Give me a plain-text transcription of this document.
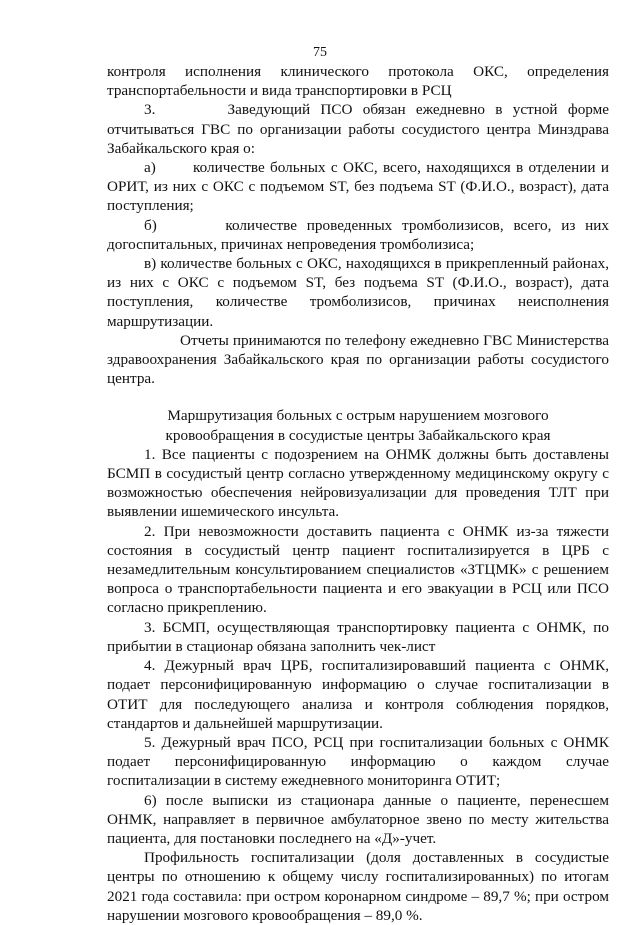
75

контроля исполнения клинического протокола ОКС, определения транспортабельности и вида транспортировки в РСЦ

3.       Заведующий ПСО обязан ежедневно в устной форме отчитываться ГВС по организации работы сосудистого центра Минздрава Забайкальского края о:

а)       количестве больных с ОКС, всего, находящихся в отделении и ОРИТ, из них с ОКС с подъемом ST, без подъема ST (Ф.И.О., возраст), дата поступления;

б)       количестве проведенных тромболизисов, всего, из них догоспитальных, причинах непроведения тромболизиса;

в) количестве больных с ОКС, находящихся в прикрепленный районах, из них с ОКС с подъемом ST, без подъема ST (Ф.И.О., возраст), дата поступления, количестве тромболизисов, причинах неисполнения маршрутизации.

Отчеты принимаются по телефону ежедневно ГВС Министерства здравоохранения Забайкальского края по организации работы сосудистого центра.

Маршрутизация больных с острым нарушением мозгового кровообращения в сосудистые центры Забайкальского края

1. Все пациенты с подозрением на ОНМК должны быть доставлены БСМП в сосудистый центр согласно утвержденному медицинскому округу с возможностью обеспечения нейровизуализации для проведения ТЛТ при выявлении ишемического инсульта.

2. При невозможности доставить пациента с ОНМК из-за тяжести состояния в сосудистый центр пациент госпитализируется в ЦРБ с незамедлительным консультированием специалистов «ЗТЦМК» с решением вопроса о транспортабельности пациента и его эвакуации в РСЦ или ПСО согласно прикреплению.

3. БСМП, осуществляющая транспортировку пациента с ОНМК, по прибытии в стационар обязана заполнить чек-лист

4. Дежурный врач ЦРБ, госпитализировавший пациента с ОНМК, подает персонифицированную информацию о случае госпитализации в ОТИТ для последующего анализа и контроля соблюдения порядков, стандартов и дальнейшей маршрутизации.

5. Дежурный врач ПСО, РСЦ при госпитализации больных с ОНМК подает персонифицированную информацию о каждом случае госпитализации в систему ежедневного мониторинга ОТИТ;

6) после выписки из стационара данные о пациенте, перенесшем ОНМК, направляет в первичное амбулаторное звено по месту жительства пациента, для постановки последнего на «Д»-учет.

Профильность госпитализации (доля доставленных в сосудистые центры по отношению к общему числу госпитализированных) по итогам 2021 года составила: при остром коронарном синдроме – 89,7 %; при остром нарушении мозгового кровообращения – 89,0 %.
